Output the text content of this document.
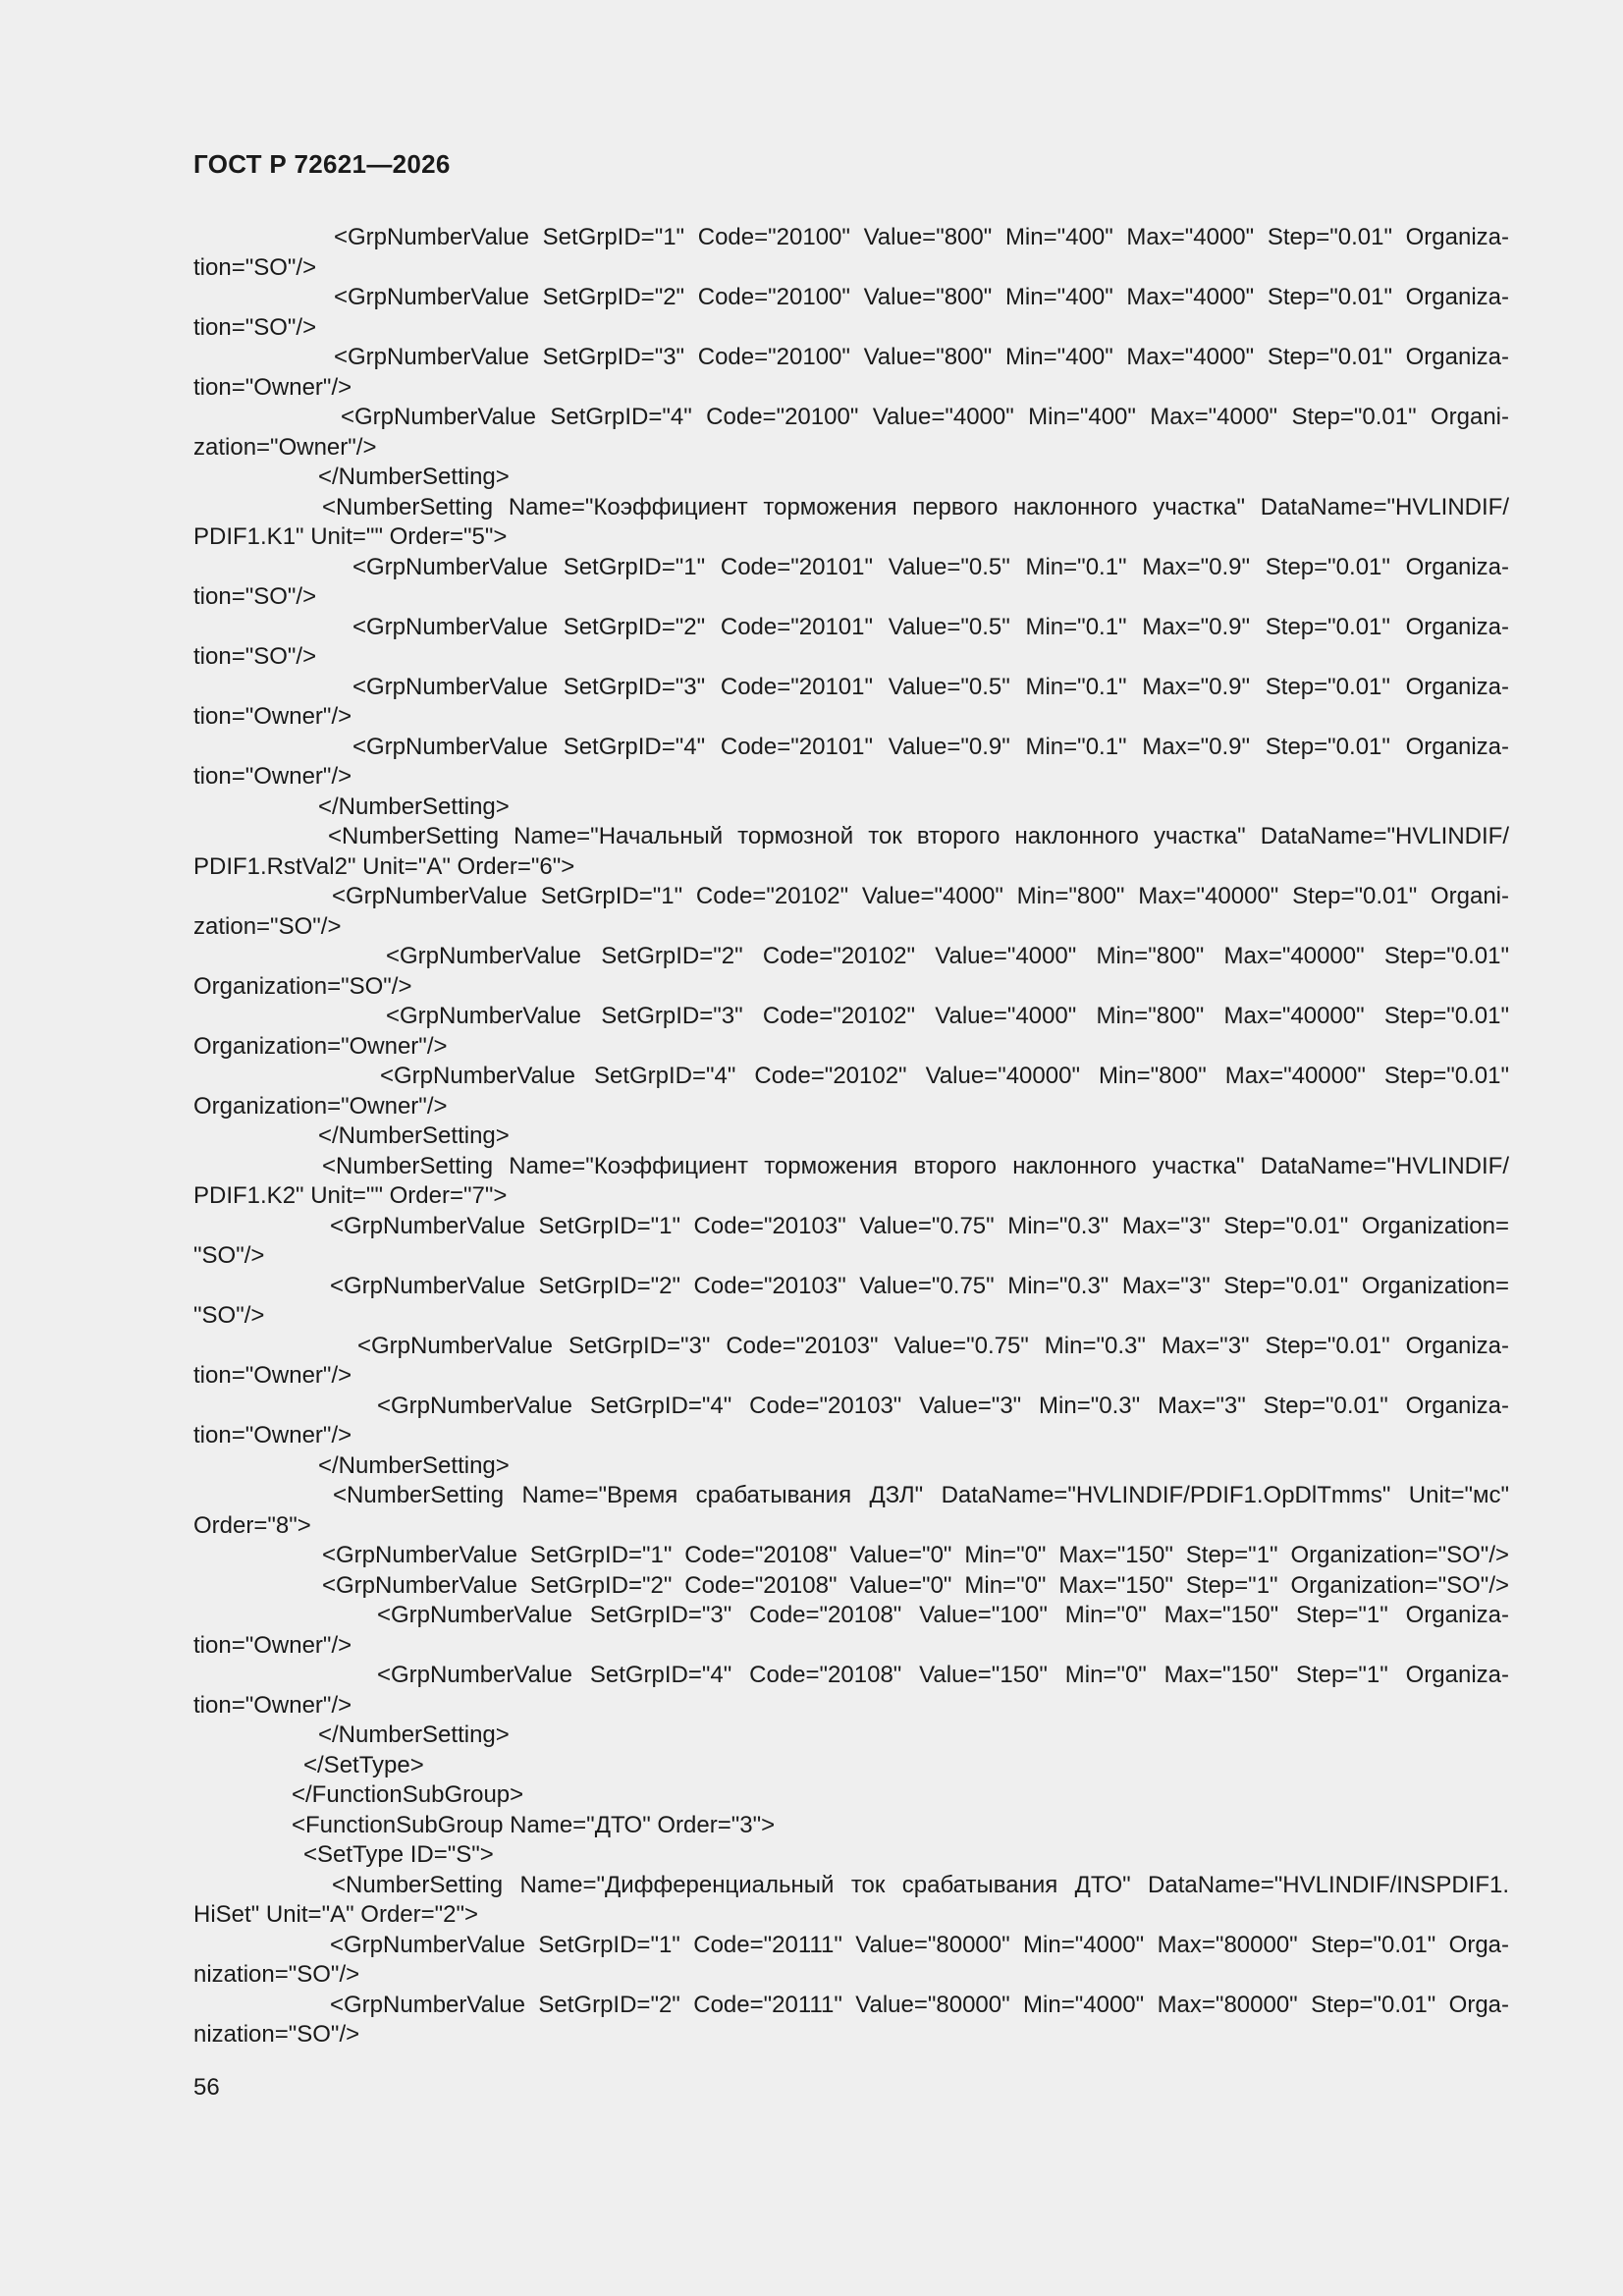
ГОСТ Р 72621—2026
<GrpNumberValue SetGrpID="1" Code="20100" Value="800" Min="400" Max="4000" Step="0.01" Organiza-
tion="SO"/>
<GrpNumberValue SetGrpID="2" Code="20100" Value="800" Min="400" Max="4000" Step="0.01" Organiza-
tion="SO"/>
<GrpNumberValue SetGrpID="3" Code="20100" Value="800" Min="400" Max="4000" Step="0.01" Organiza-
tion="Owner"/>
<GrpNumberValue SetGrpID="4" Code="20100" Value="4000" Min="400" Max="4000" Step="0.01" Organi-
zation="Owner"/>
</NumberSetting>
<NumberSetting Name="Коэффициент торможения первого наклонного участка" DataName="HVLINDIF/
PDIF1.K1" Unit="" Order="5">
<GrpNumberValue SetGrpID="1" Code="20101" Value="0.5" Min="0.1" Max="0.9" Step="0.01" Organiza-
tion="SO"/>
<GrpNumberValue SetGrpID="2" Code="20101" Value="0.5" Min="0.1" Max="0.9" Step="0.01" Organiza-
tion="SO"/>
<GrpNumberValue SetGrpID="3" Code="20101" Value="0.5" Min="0.1" Max="0.9" Step="0.01" Organiza-
tion="Owner"/>
<GrpNumberValue SetGrpID="4" Code="20101" Value="0.9" Min="0.1" Max="0.9" Step="0.01" Organiza-
tion="Owner"/>
</NumberSetting>
<NumberSetting Name="Начальный тормозной ток второго наклонного участка" DataName="HVLINDIF/
PDIF1.RstVal2" Unit="A" Order="6">
<GrpNumberValue SetGrpID="1" Code="20102" Value="4000" Min="800" Max="40000" Step="0.01" Organi-
zation="SO"/>
<GrpNumberValue SetGrpID="2" Code="20102" Value="4000" Min="800" Max="40000" Step="0.01"
Organization="SO"/>
<GrpNumberValue SetGrpID="3" Code="20102" Value="4000" Min="800" Max="40000" Step="0.01"
Organization="Owner"/>
<GrpNumberValue SetGrpID="4" Code="20102" Value="40000" Min="800" Max="40000" Step="0.01"
Organization="Owner"/>
</NumberSetting>
<NumberSetting Name="Коэффициент торможения второго наклонного участка" DataName="HVLINDIF/
PDIF1.K2" Unit="" Order="7">
<GrpNumberValue SetGrpID="1" Code="20103" Value="0.75" Min="0.3" Max="3" Step="0.01" Organization=
"SO"/>
<GrpNumberValue SetGrpID="2" Code="20103" Value="0.75" Min="0.3" Max="3" Step="0.01" Organization=
"SO"/>
<GrpNumberValue SetGrpID="3" Code="20103" Value="0.75" Min="0.3" Max="3" Step="0.01" Organiza-
tion="Owner"/>
<GrpNumberValue SetGrpID="4" Code="20103" Value="3" Min="0.3" Max="3" Step="0.01" Organiza-
tion="Owner"/>
</NumberSetting>
<NumberSetting Name="Время срабатывания ДЗЛ" DataName="HVLINDIF/PDIF1.OpDlTmms" Unit="мс"
Order="8">
<GrpNumberValue SetGrpID="1" Code="20108" Value="0" Min="0" Max="150" Step="1" Organization="SO"/>
<GrpNumberValue SetGrpID="2" Code="20108" Value="0" Min="0" Max="150" Step="1" Organization="SO"/>
<GrpNumberValue SetGrpID="3" Code="20108" Value="100" Min="0" Max="150" Step="1" Organiza-
tion="Owner"/>
<GrpNumberValue SetGrpID="4" Code="20108" Value="150" Min="0" Max="150" Step="1" Organiza-
tion="Owner"/>
</NumberSetting>
</SetType>
</FunctionSubGroup>
<FunctionSubGroup Name="ДТО" Order="3">
<SetType ID="S">
<NumberSetting Name="Дифференциальный ток срабатывания ДТО" DataName="HVLINDIF/INSPDIF1.
HiSet" Unit="A" Order="2">
<GrpNumberValue SetGrpID="1" Code="20111" Value="80000" Min="4000" Max="80000" Step="0.01" Orga-
nization="SO"/>
<GrpNumberValue SetGrpID="2" Code="20111" Value="80000" Min="4000" Max="80000" Step="0.01" Orga-
nization="SO"/>
56
